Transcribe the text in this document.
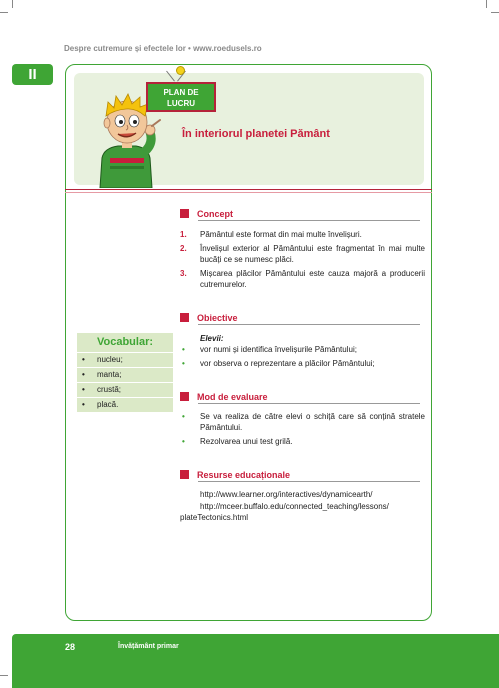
Despre cutremure și efectele lor • www.roedusels.ro
II
PLAN DE
LUCRU
În interiorul planetei Pământ
Concept
1. Pământul este format din mai multe învelișuri.
2. Învelișul exterior al Pământului este fragmentat în mai multe bucăți ce se numesc plăci.
3. Mișcarea plăcilor Pământului este cauza majoră a producerii cutremurelor.
Obiective
Elevii:
• vor numi și identifica învelișurile Pământului;
• vor observa o reprezentare a plăcilor Pământului;
Vocabular:
• nucleu;
• manta;
• crustă;
• placă.
Mod de evaluare
• Se va realiza de către elevi o schiță care să conțină stratele Pământului.
• Rezolvarea unui test grilă.
Resurse educaționale
http://www.learner.org/interactives/dynamicearth/
http://mceer.buffalo.edu/connected_teaching/lessons/
plateTectonics.html
28	Învățământ primar
